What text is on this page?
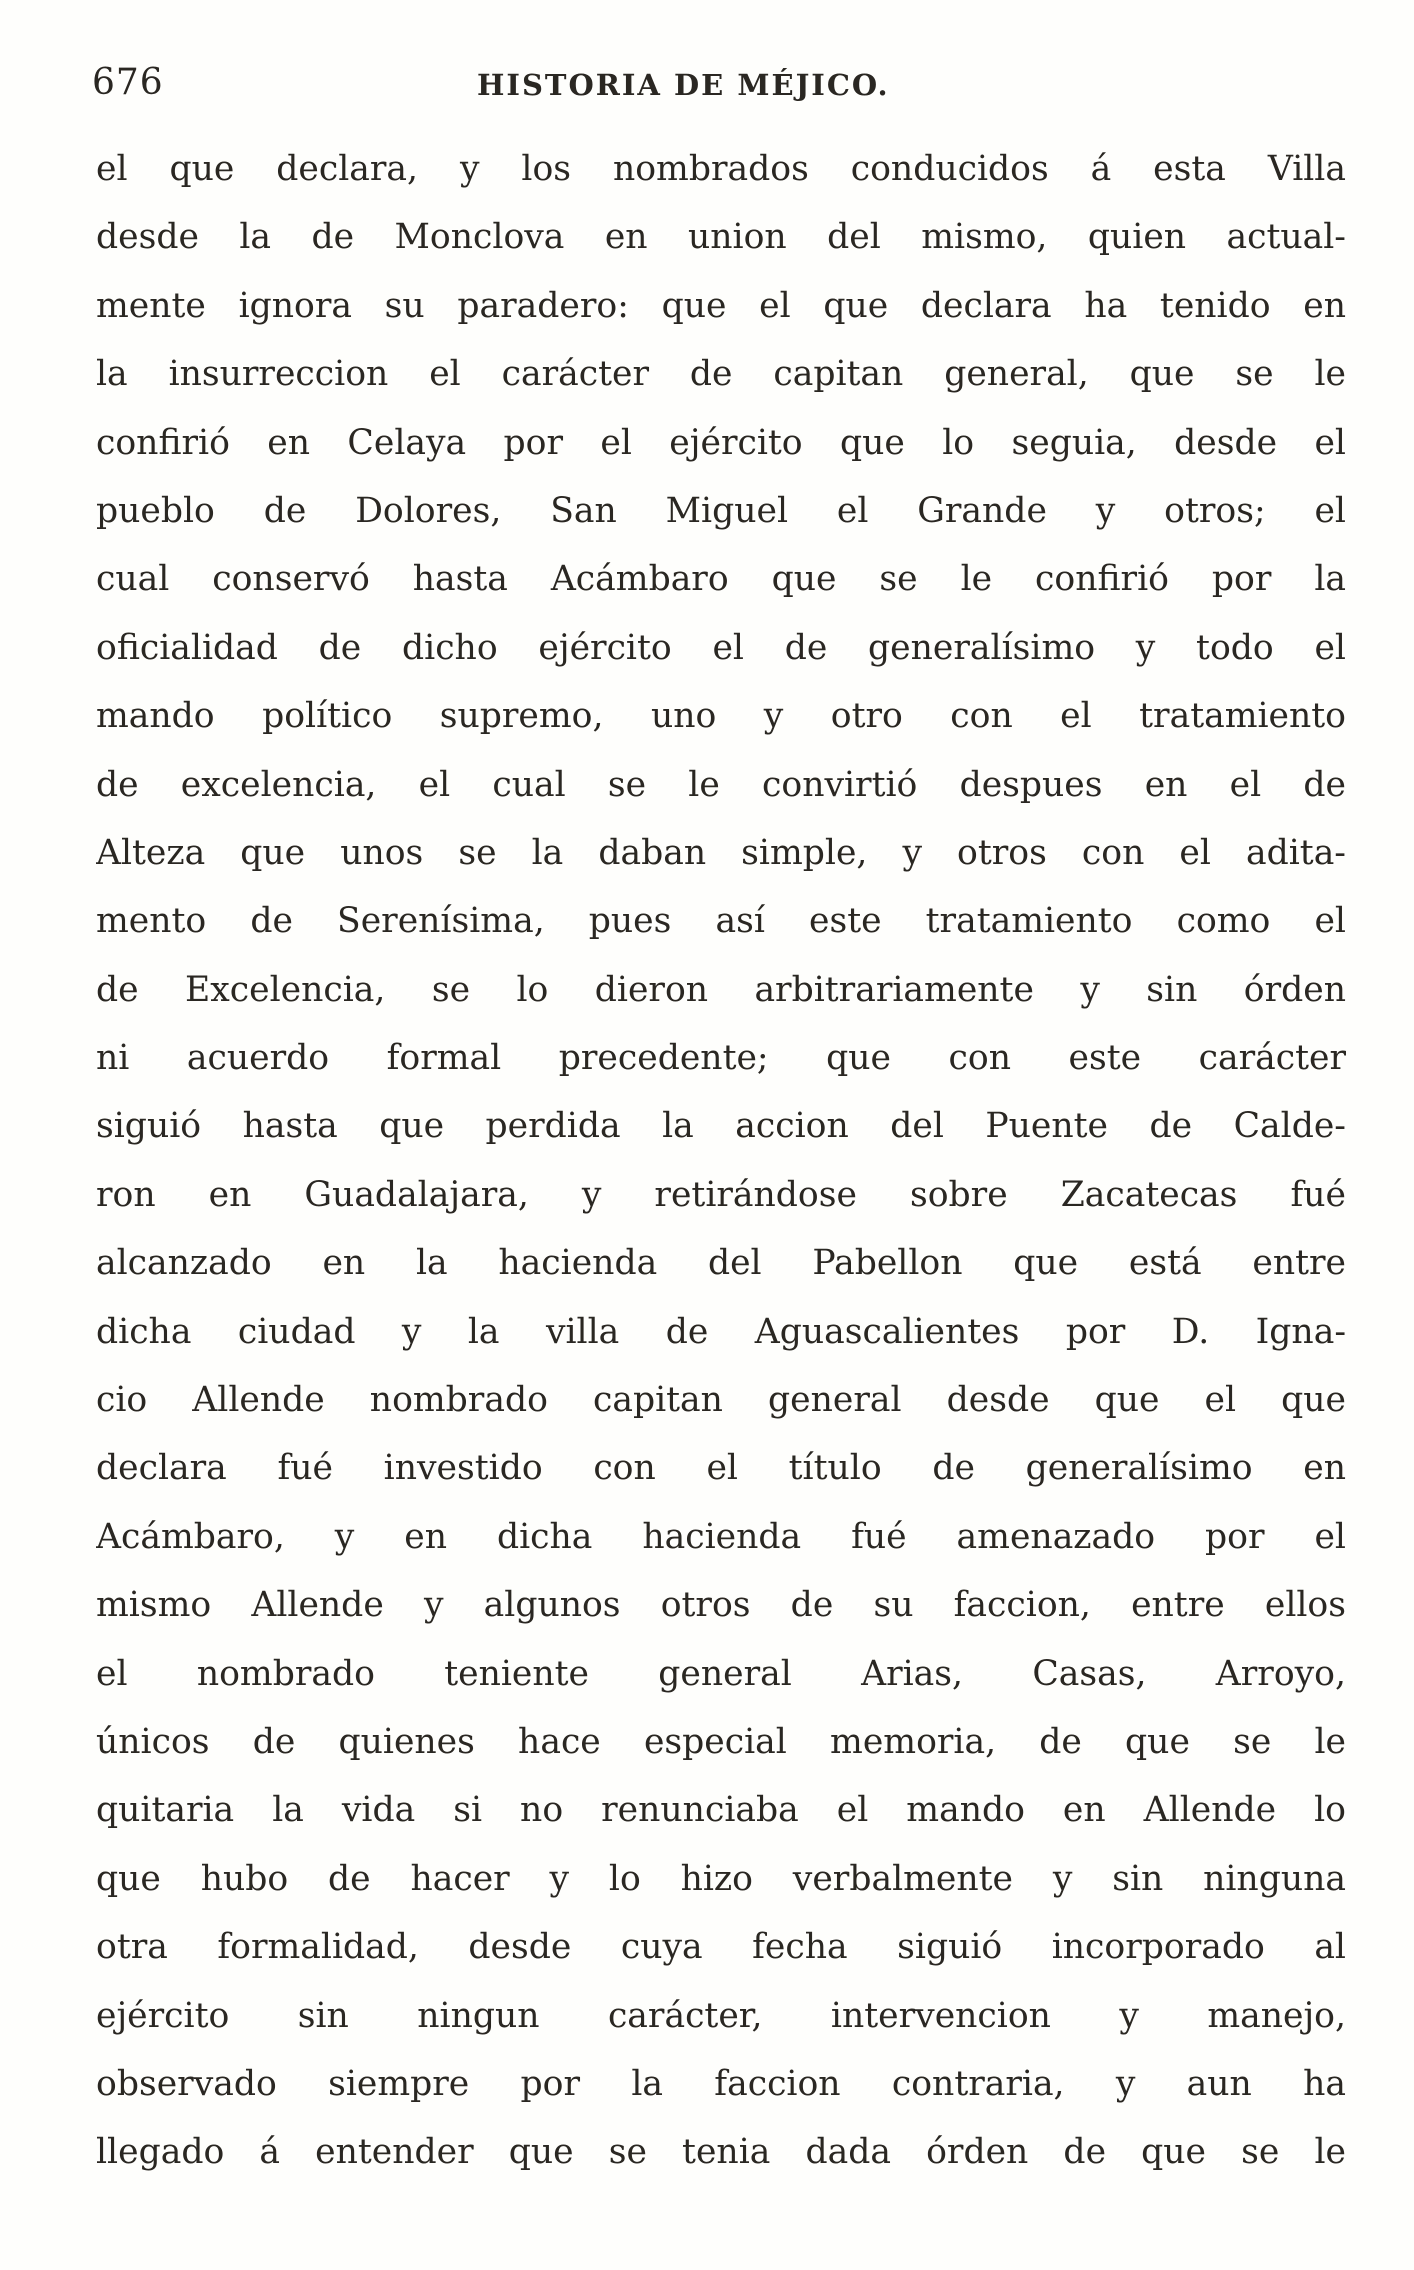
676	HISTORIA DE MÉJICO.
el que declara, y los nombrados conducidos á esta Villa
desde la de Monclova en union del mismo, quien actual-
mente ignora su paradero: que el que declara ha tenido en
la insurreccion el carácter de capitan general, que se le
confirió en Celaya por el ejército que lo seguia, desde el
pueblo de Dolores, San Miguel el Grande y otros; el
cual conservó hasta Acámbaro que se le confirió por la
oficialidad de dicho ejército el de generalísimo y todo el
mando político supremo, uno y otro con el tratamiento
de excelencia, el cual se le convirtió despues en el de
Alteza que unos se la daban simple, y otros con el adita-
mento de Serenísima, pues así este tratamiento como el
de Excelencia, se lo dieron arbitrariamente y sin órden
ni acuerdo formal precedente; que con este carácter
siguió hasta que perdida la accion del Puente de Calde-
ron en Guadalajara, y retirándose sobre Zacatecas fué
alcanzado en la hacienda del Pabellon que está entre
dicha ciudad y la villa de Aguascalientes por D. Igna-
cio Allende nombrado capitan general desde que el que
declara fué investido con el título de generalísimo en
Acámbaro, y en dicha hacienda fué amenazado por el
mismo Allende y algunos otros de su faccion, entre ellos
el nombrado teniente general Arias, Casas, Arroyo,
únicos de quienes hace especial memoria, de que se le
quitaria la vida si no renunciaba el mando en Allende lo
que hubo de hacer y lo hizo verbalmente y sin ninguna
otra formalidad, desde cuya fecha siguió incorporado al
ejército sin ningun carácter, intervencion y manejo,
observado siempre por la faccion contraria, y aun ha
llegado á entender que se tenia dada órden de que se le
